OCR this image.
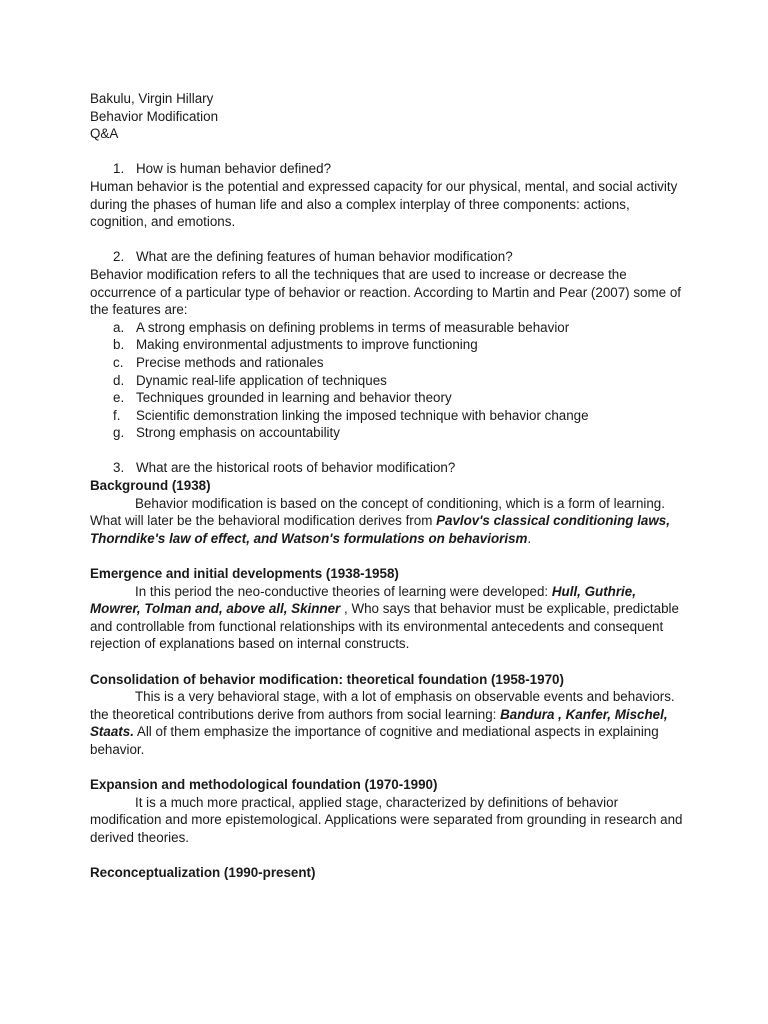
Bakulu, Virgin Hillary
Behavior Modification
Q&A
1. How is human behavior defined?

Human behavior is the potential and expressed capacity for our physical, mental, and social activity during the phases of human life and also a complex interplay of three components: actions, cognition, and emotions.

2. What are the defining features of human behavior modification?

Behavior modification refers to all the techniques that are used to increase or decrease the occurrence of a particular type of behavior or reaction. According to Martin and Pear (2007) some of the features are:

a. A strong emphasis on defining problems in terms of measurable behavior
b. Making environmental adjustments to improve functioning
c. Precise methods and rationales
d. Dynamic real-life application of techniques
e. Techniques grounded in learning and behavior theory
f. Scientific demonstration linking the imposed technique with behavior change
g. Strong emphasis on accountability
3. What are the historical roots of behavior modification?
Background (1938)

Behavior modification is based on the concept of conditioning, which is a form of learning. What will later be the behavioral modification derives from Pavlov's classical conditioning laws, Thorndike's law of effect, and Watson's formulations on behaviorism.

Emergence and initial developments (1938-1958)

In this period the neo-conductive theories of learning were developed: Hull, Guthrie, Mowrer, Tolman and, above all, Skinner , Who says that behavior must be explicable, predictable and controllable from functional relationships with its environmental antecedents and consequent rejection of explanations based on internal constructs.

Consolidation of behavior modification: theoretical foundation (1958-1970)

This is a very behavioral stage, with a lot of emphasis on observable events and behaviors. the theoretical contributions derive from authors from social learning: Bandura , Kanfer, Mischel, Staats. All of them emphasize the importance of cognitive and mediational aspects in explaining behavior.

Expansion and methodological foundation (1970-1990)

It is a much more practical, applied stage, characterized by definitions of behavior modification and more epistemological. Applications were separated from grounding in research and derived theories.

Reconceptualization (1990-present)
